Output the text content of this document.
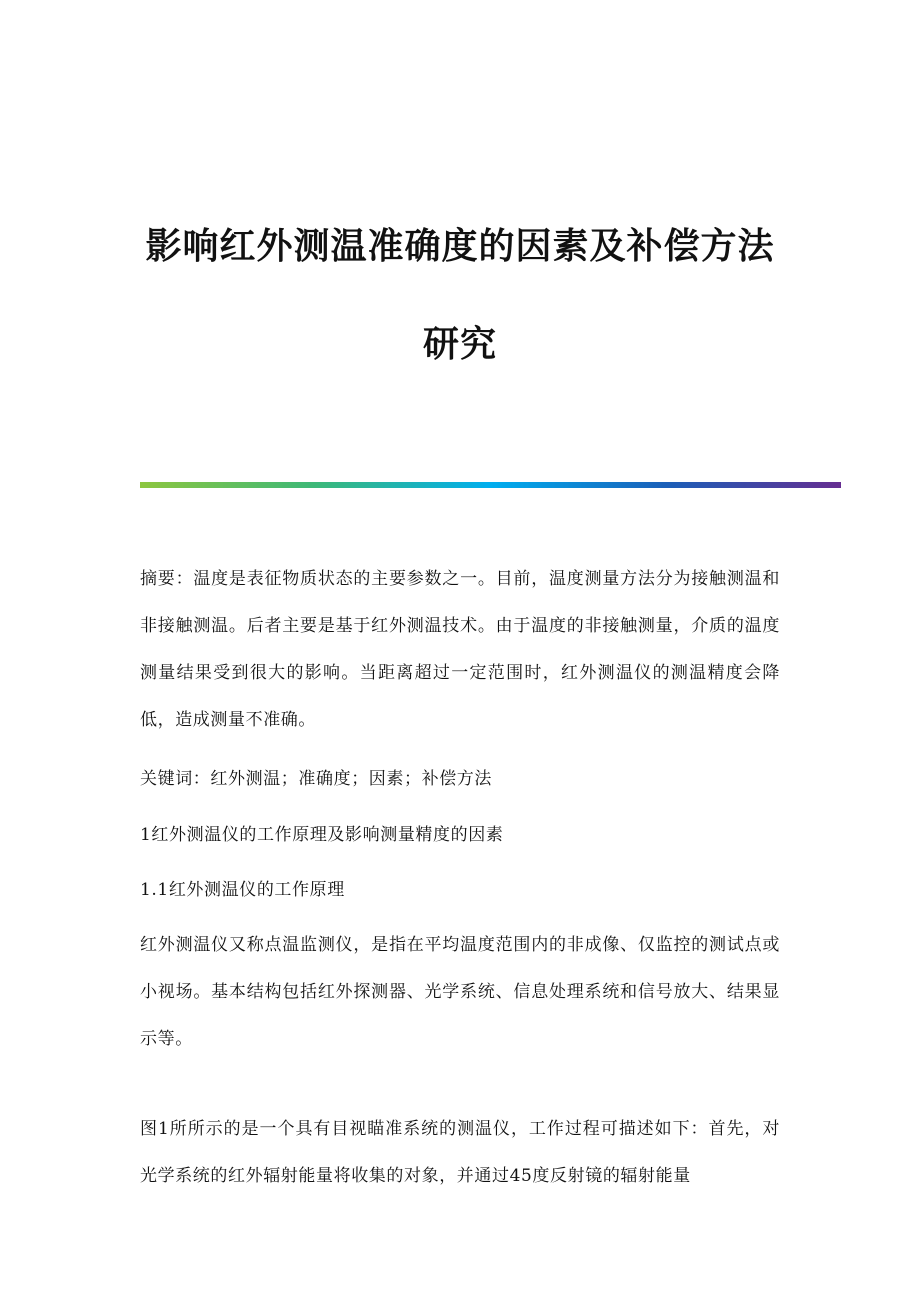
影响红外测温准确度的因素及补偿方法
研究

摘要：温度是表征物质状态的主要参数之一。目前，温度测量方法分为接触测温和非接触测温。后者主要是基于红外测温技术。由于温度的非接触测量，介质的温度测量结果受到很大的影响。当距离超过一定范围时，红外测温仪的测温精度会降低，造成测量不准确。

关键词：红外测温；准确度；因素；补偿方法

1红外测温仪的工作原理及影响测量精度的因素

1.1红外测温仪的工作原理

红外测温仪又称点温监测仪，是指在平均温度范围内的非成像、仅监控的测试点或小视场。基本结构包括红外探测器、光学系统、信息处理系统和信号放大、结果显示等。

图1所所示的是一个具有目视瞄准系统的测温仪，工作过程可描述如下：首先，对光学系统的红外辐射能量将收集的对象，并通过45度反射镜的辐射能量
